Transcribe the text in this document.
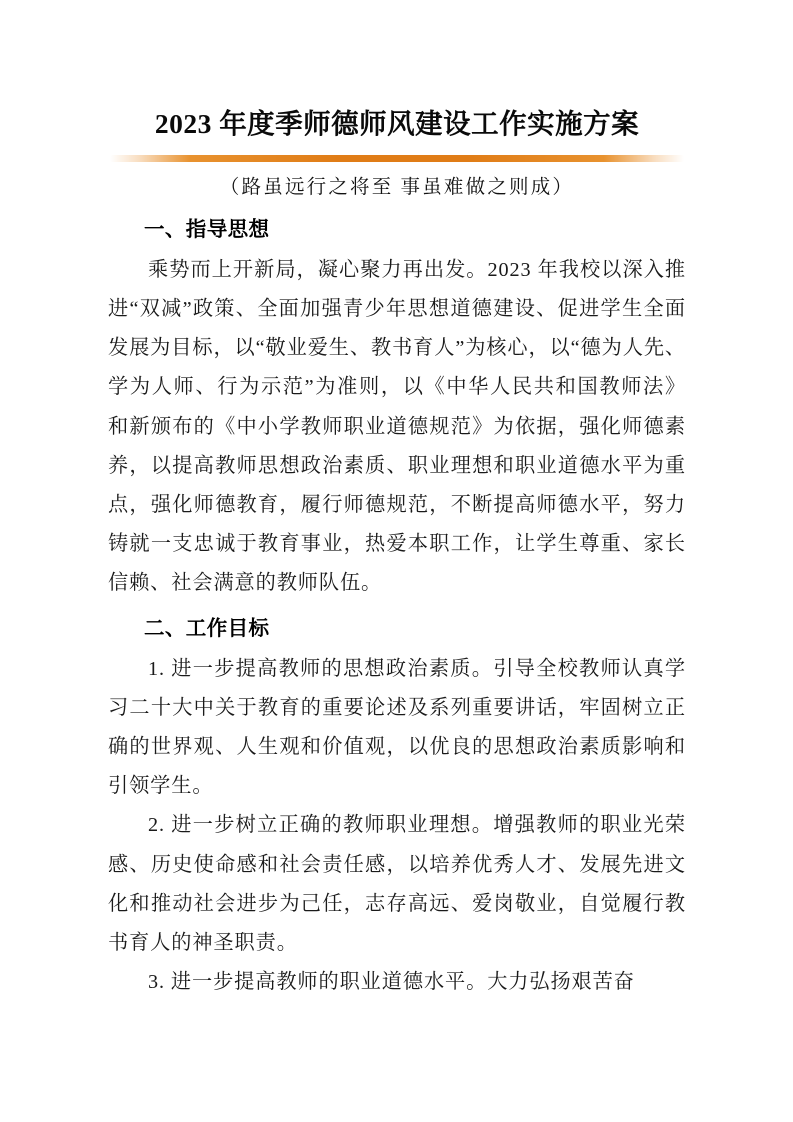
2023 年度季师德师风建设工作实施方案
（路虽远行之将至 事虽难做之则成）
一、指导思想

乘势而上开新局，凝心聚力再出发。2023 年我校以深入推进“双减”政策、全面加强青少年思想道德建设、促进学生全面发展为目标，以“敬业爱生、教书育人”为核心，以“德为人先、学为人师、行为示范”为准则，以《中华人民共和国教师法》和新颁布的《中小学教师职业道德规范》为依据，强化师德素养，以提高教师思想政治素质、职业理想和职业道德水平为重点，强化师德教育，履行师德规范，不断提高师德水平，努力铸就一支忠诚于教育事业，热爱本职工作，让学生尊重、家长信赖、社会满意的教师队伍。

二、工作目标

1. 进一步提高教师的思想政治素质。引导全校教师认真学习二十大中关于教育的重要论述及系列重要讲话，牢固树立正确的世界观、人生观和价值观，以优良的思想政治素质影响和引领学生。

2. 进一步树立正确的教师职业理想。增强教师的职业光荣感、历史使命感和社会责任感，以培养优秀人才、发展先进文化和推动社会进步为己任，志存高远、爱岗敬业，自觉履行教书育人的神圣职责。

3. 进一步提高教师的职业道德水平。大力弘扬艰苦奋
